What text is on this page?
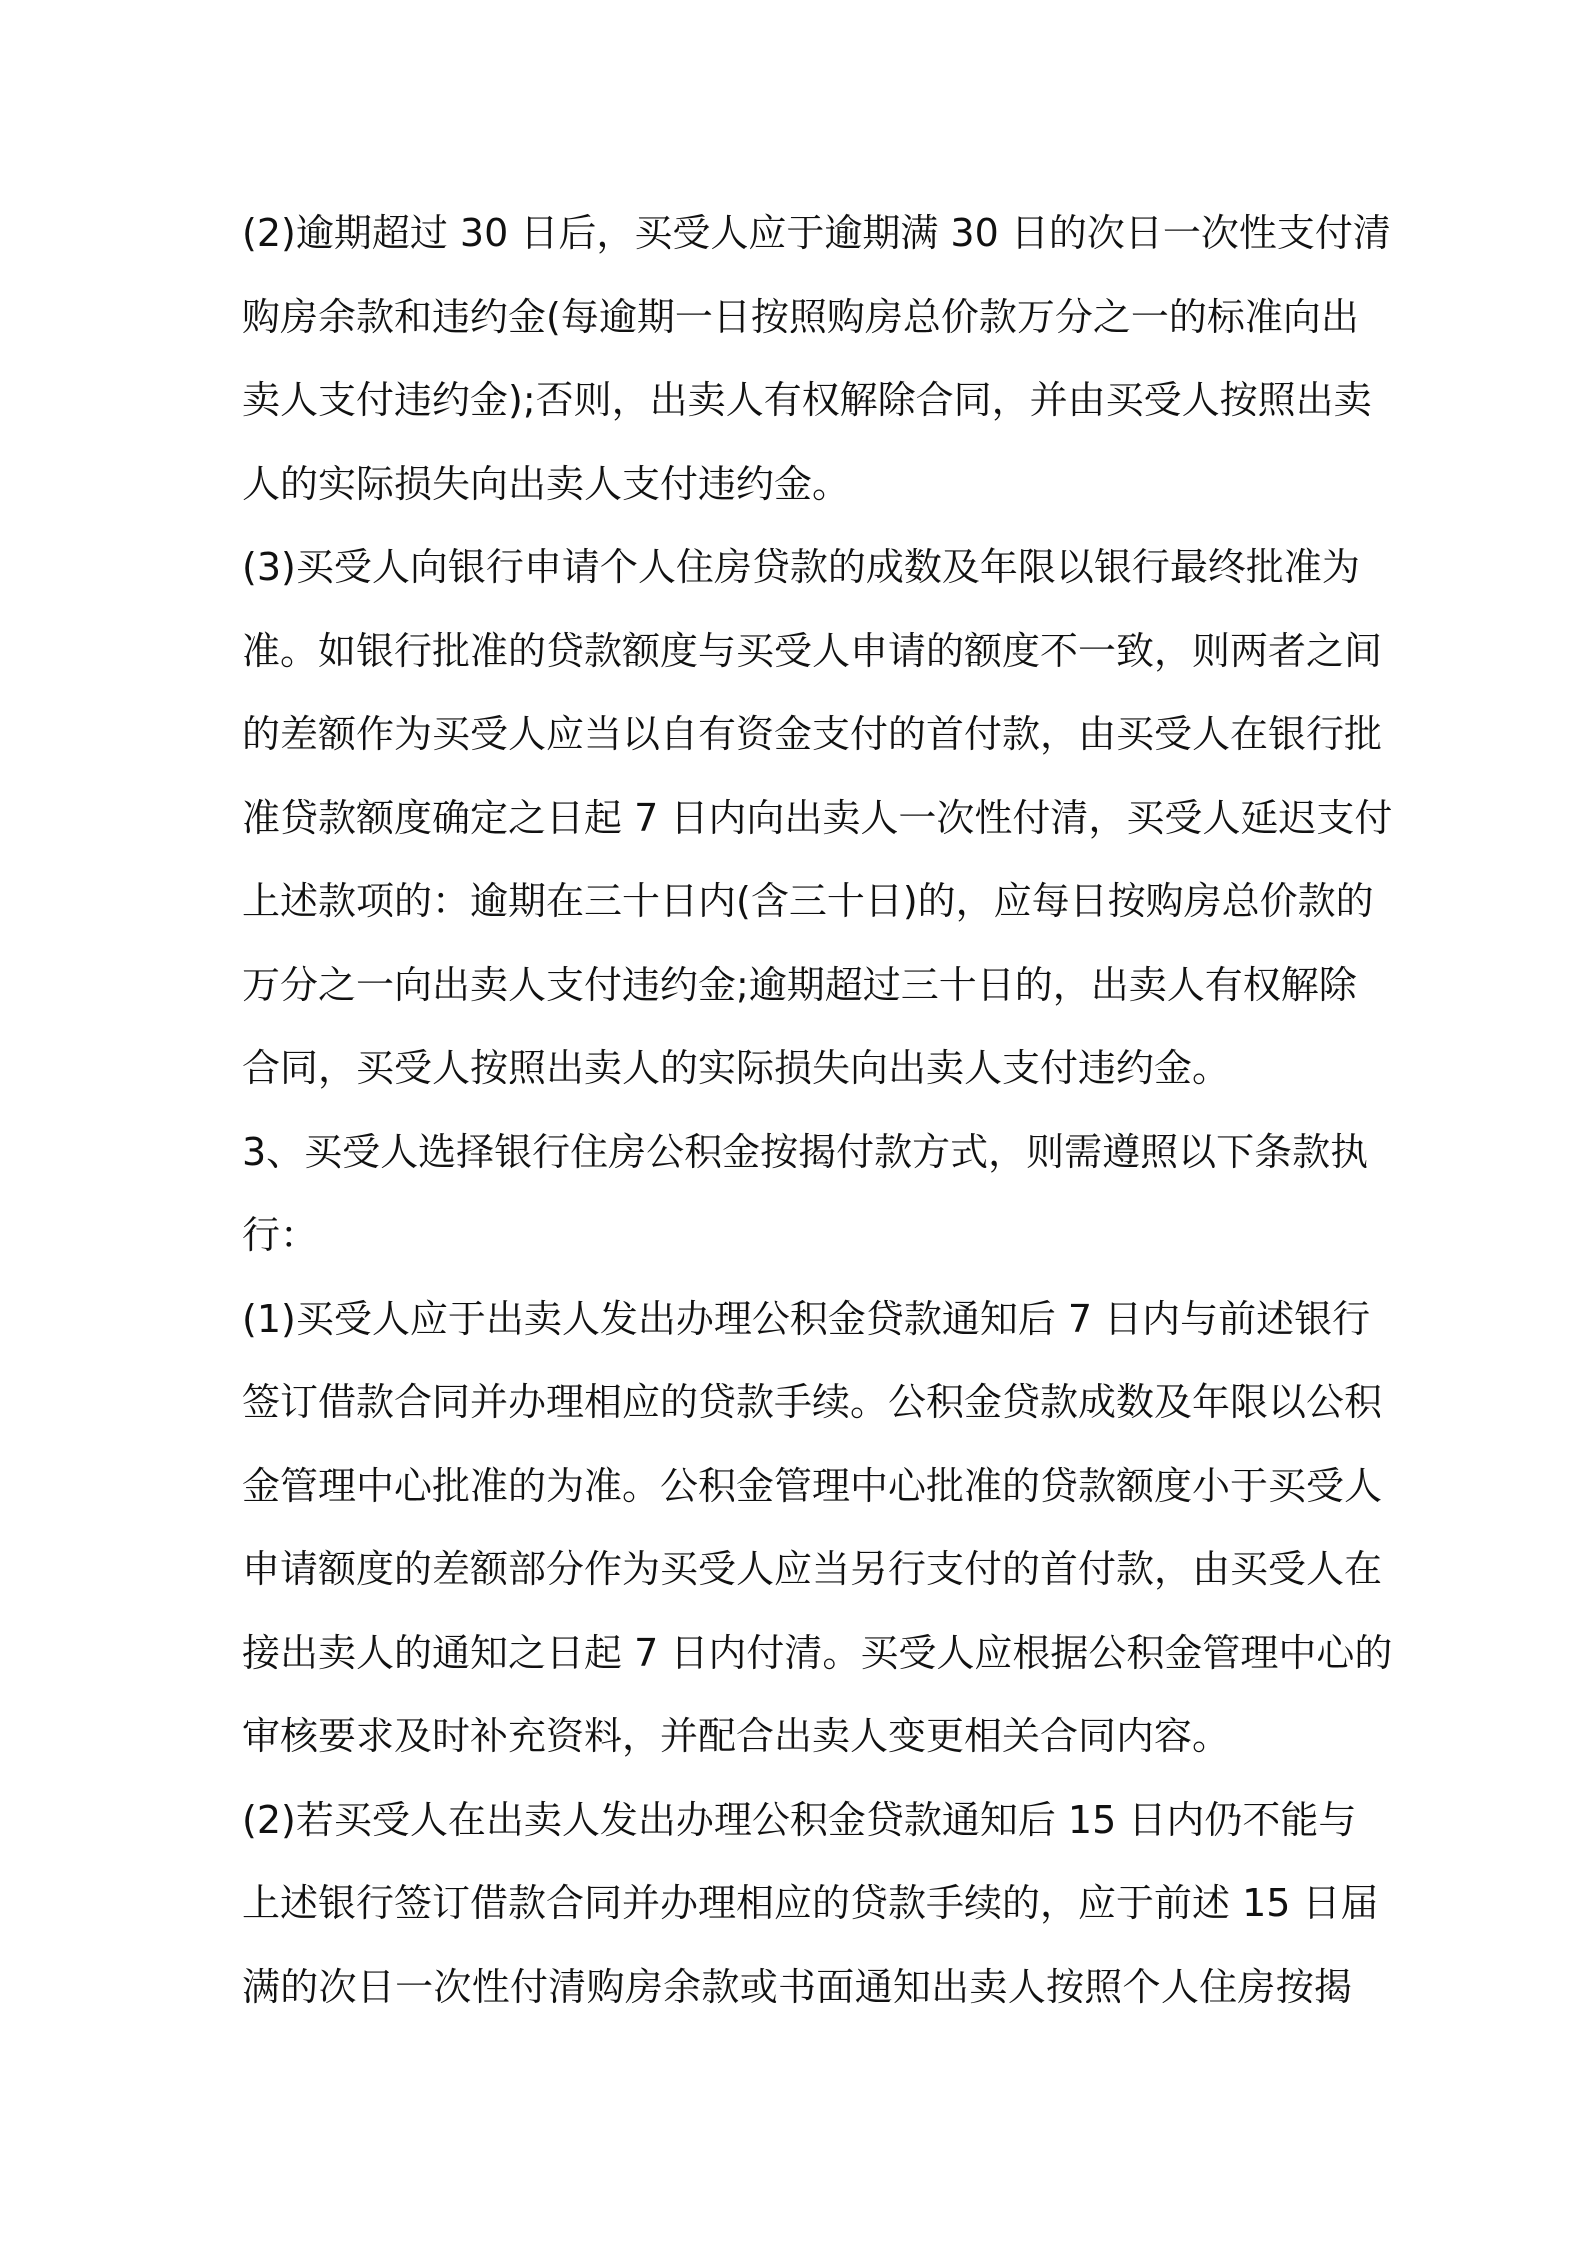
(2)逾期超过 30 日后，买受人应于逾期满 30 日的次日一次性支付清
购房余款和违约金(每逾期一日按照购房总价款万分之一的标准向出
卖人支付违约金);否则，出卖人有权解除合同，并由买受人按照出卖
人的实际损失向出卖人支付违约金。
(3)买受人向银行申请个人住房贷款的成数及年限以银行最终批准为
准。如银行批准的贷款额度与买受人申请的额度不一致，则两者之间
的差额作为买受人应当以自有资金支付的首付款，由买受人在银行批
准贷款额度确定之日起 7 日内向出卖人一次性付清，买受人延迟支付
上述款项的：逾期在三十日内(含三十日)的，应每日按购房总价款的
万分之一向出卖人支付违约金;逾期超过三十日的，出卖人有权解除
合同，买受人按照出卖人的实际损失向出卖人支付违约金。
3、买受人选择银行住房公积金按揭付款方式，则需遵照以下条款执
行：
(1)买受人应于出卖人发出办理公积金贷款通知后 7 日内与前述银行
签订借款合同并办理相应的贷款手续。公积金贷款成数及年限以公积
金管理中心批准的为准。公积金管理中心批准的贷款额度小于买受人
申请额度的差额部分作为买受人应当另行支付的首付款，由买受人在
接出卖人的通知之日起 7 日内付清。买受人应根据公积金管理中心的
审核要求及时补充资料，并配合出卖人变更相关合同内容。
(2)若买受人在出卖人发出办理公积金贷款通知后 15 日内仍不能与
上述银行签订借款合同并办理相应的贷款手续的，应于前述 15 日届
满的次日一次性付清购房余款或书面通知出卖人按照个人住房按揭
